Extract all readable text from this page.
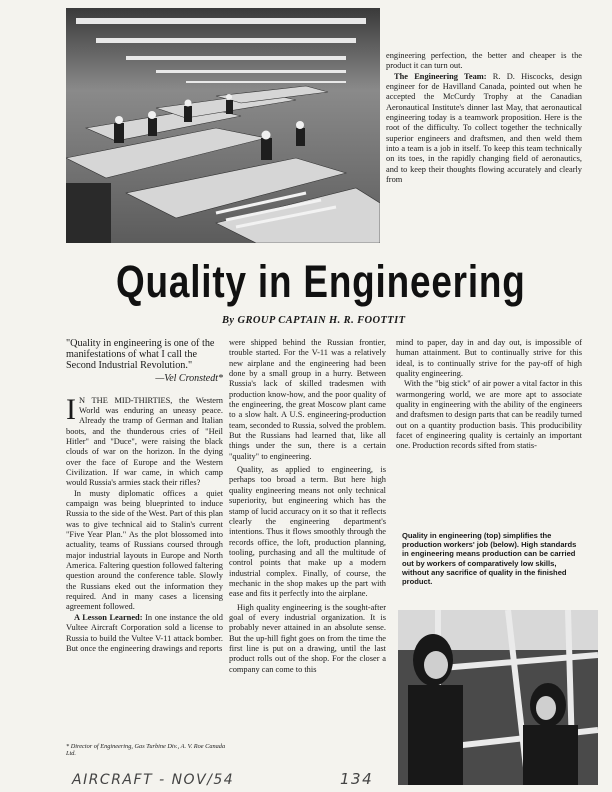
engineering perfection, the better and cheaper is the product it can turn out.

The Engineering Team: R. D. Hiscocks, design engineer for de Havilland Canada, pointed out when he accepted the McCurdy Trophy at the Canadian Aeronautical Institute's dinner last May, that aeronautical engineering today is a teamwork proposition. Here is the root of the difficulty. To collect together the technically superior engineers and draftsmen, and then weld them into a team is a job in itself. To keep this team technically on its toes, in the rapidly changing field of aeronautics, and to keep their thoughts flowing accurately and clearly from

Quality in Engineering
By GROUP CAPTAIN H. R. FOOTTIT

"Quality in engineering is one of the manifestations of what I call the Second Industrial Revolution."

—Vel Cronstedt*

I N THE MID-THIRTIES, the Western World was enduring an uneasy peace. Already the tramp of German and Italian boots, and the thunderous cries of "Heil Hitler" and "Duce", were raising the black clouds of war on the horizon. In the dying over the face of Europe and the Western Civilization. If war came, in which camp would Russia's armies stack their rifles?

In musty diplomatic offices a quiet campaign was being blueprinted to induce Russia to the side of the West. Part of this plan was to give technical aid to Stalin's current "Five Year Plan." As the plot blossomed into actuality, teams of Russians coursed through major industrial layouts in Europe and North America. Faltering question followed faltering question around the conference table. Slowly the Russians eked out the information they required. And in many cases a licensing agreement followed.

A Lesson Learned: In one instance the old Vultee Aircraft Corporation sold a license to Russia to build the Vultee V-11 attack bomber. But once the engineering drawings and reports

were shipped behind the Russian frontier, trouble started. For the V-11 was a relatively new airplane and the engineering had been done by a small group in a hurry. Between Russia's lack of skilled tradesmen with production know-how, and the poor quality of the engineering, the great Moscow plant came to a slow halt. A U.S. engineering-production team, seconded to Russia, solved the problem. But the Russians had learned that, like all things under the sun, there is a certain "quality" to engineering.

Quality, as applied to engineering, is perhaps too broad a term. But here high quality engineering means not only technical superiority, but engineering which has the stamp of lucid accuracy on it so that it reflects clearly the engineering department's intentions. Thus it flows smoothly through the records office, the loft, production planning, tooling, purchasing and all the multitude of control points that make up a modern industrial complex. Finally, of course, the mechanic in the shop makes up the part with ease and fits it perfectly into the airplane.

High quality engineering is the sought-after goal of every industrial organization. It is probably never attained in an absolute sense. But the up-hill fight goes on from the time the first line is put on a drawing, until the last product rolls out of the shop. For the closer a company can come to this

mind to paper, day in and day out, is impossible of human attainment. But to continually strive for this ideal, is to continually strive for the pay-off of high quality engineering.

With the "big stick" of air power a vital factor in this warmongering world, we are more apt to associate quality in engineering with the ability of the engineers and draftsmen to design parts that can be readily turned out on a quantity production basis. This producibility facet of engineering quality is certainly an important one. Production records sifted from statis-

Quality in engineering (top) simplifies the production workers' job (below). High standards in engineering means production can be carried out by workers of comparatively low skills, without any sacrifice of quality in the finished product.
* Director of Engineering, Gas Turbine Div., A. V. Roe Canada Ltd.
AIRCRAFT - NOV/54	134
